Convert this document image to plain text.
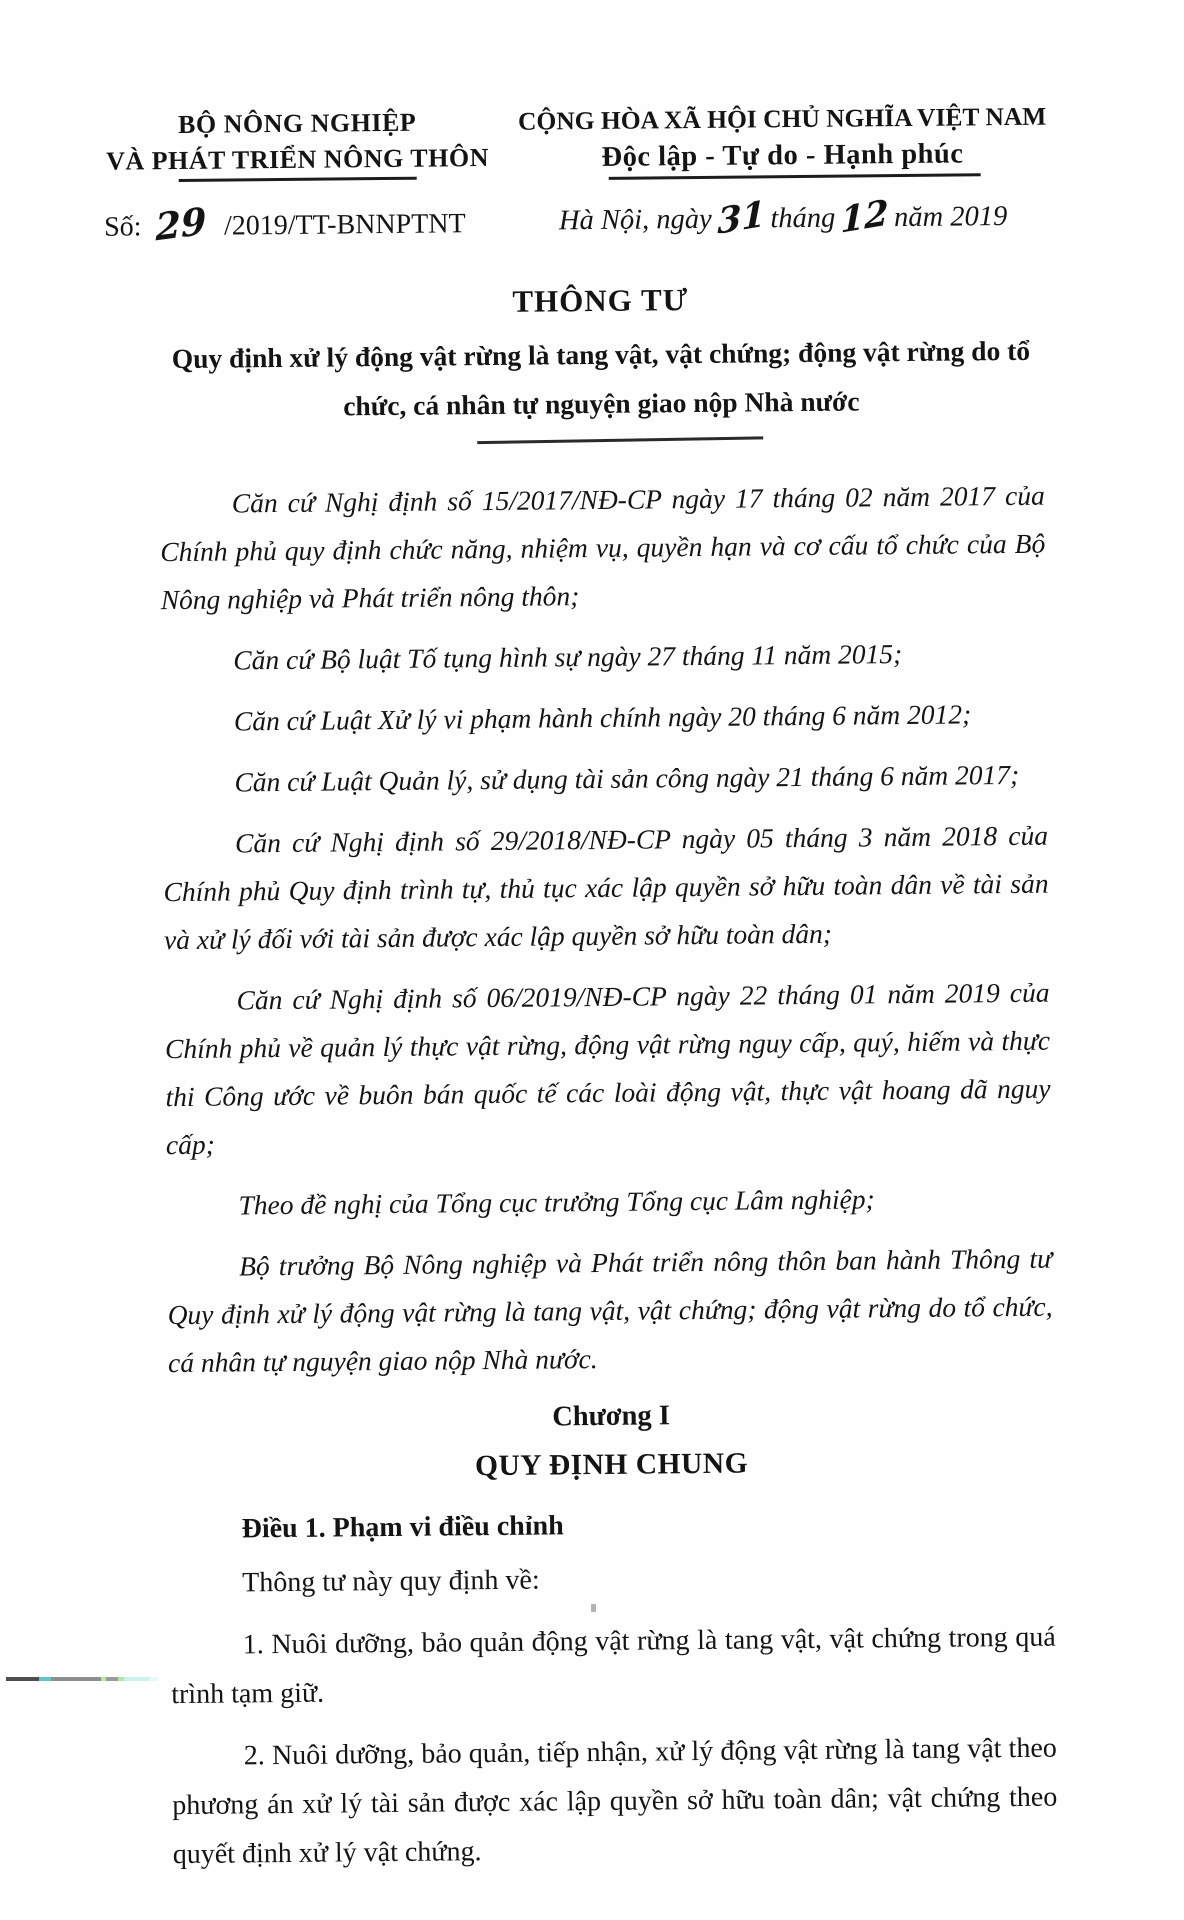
BỘ NÔNG NGHIỆP
VÀ PHÁT TRIỂN NÔNG THÔN
Số: 29 /2019/TT-BNNPTNT
CỘNG HÒA XÃ HỘI CHỦ NGHĨA VIỆT NAM
Độc lập - Tự do - Hạnh phúc
Hà Nội, ngày 31 tháng 12 năm 2019
THÔNG TƯ
Quy định xử lý động vật rừng là tang vật, vật chứng; động vật rừng do tổ chức, cá nhân tự nguyện giao nộp Nhà nước

Căn cứ Nghị định số 15/2017/NĐ-CP ngày 17 tháng 02 năm 2017 của Chính phủ quy định chức năng, nhiệm vụ, quyền hạn và cơ cấu tổ chức của Bộ Nông nghiệp và Phát triển nông thôn;

Căn cứ Bộ luật Tố tụng hình sự ngày 27 tháng 11 năm 2015;

Căn cứ Luật Xử lý vi phạm hành chính ngày 20 tháng 6 năm 2012;

Căn cứ Luật Quản lý, sử dụng tài sản công ngày 21 tháng 6 năm 2017;

Căn cứ Nghị định số 29/2018/NĐ-CP ngày 05 tháng 3 năm 2018 của Chính phủ Quy định trình tự, thủ tục xác lập quyền sở hữu toàn dân về tài sản và xử lý đối với tài sản được xác lập quyền sở hữu toàn dân;

Căn cứ Nghị định số 06/2019/NĐ-CP ngày 22 tháng 01 năm 2019 của Chính phủ về quản lý thực vật rừng, động vật rừng nguy cấp, quý, hiếm và thực thi Công ước về buôn bán quốc tế các loài động vật, thực vật hoang dã nguy cấp;

Theo đề nghị của Tổng cục trưởng Tổng cục Lâm nghiệp;

Bộ trưởng Bộ Nông nghiệp và Phát triển nông thôn ban hành Thông tư Quy định xử lý động vật rừng là tang vật, vật chứng; động vật rừng do tổ chức, cá nhân tự nguyện giao nộp Nhà nước.

Chương I
QUY ĐỊNH CHUNG
Điều 1. Phạm vi điều chỉnh

Thông tư này quy định về:

1. Nuôi dưỡng, bảo quản động vật rừng là tang vật, vật chứng trong quá trình tạm giữ.

2. Nuôi dưỡng, bảo quản, tiếp nhận, xử lý động vật rừng là tang vật theo phương án xử lý tài sản được xác lập quyền sở hữu toàn dân; vật chứng theo quyết định xử lý vật chứng.
